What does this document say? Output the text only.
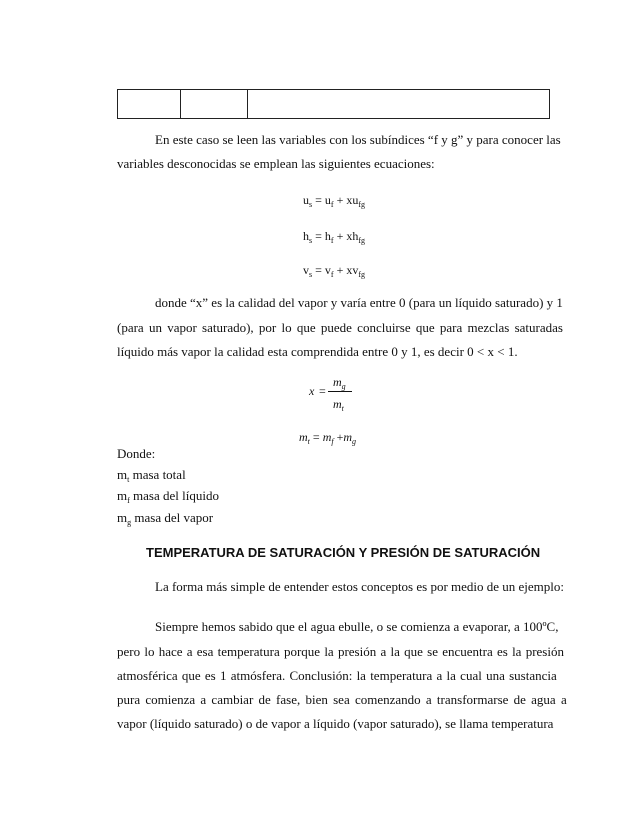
En este caso se leen las variables con los subíndices “f y g” y para conocer las
variables desconocidas se emplean las siguientes ecuaciones:
$u_s = u_f + xu_{fg}$
$h_s = h_f + xh_{fg}$
$v_s = v_f + xv_{fg}$
donde “x” es la calidad del vapor y varía entre 0 (para un líquido saturado) y 1
(para un vapor saturado), por lo que puede concluirse que para mezclas saturadas
líquido más vapor la calidad esta comprendida entre 0 y 1, es decir 0 < x < 1.
x =
$m_g$
$m_t$
$m_t = m_f +m_g$
Donde:
$m_t$ masa total
$m_f$ masa del líquido
$m_g$ masa del vapor
TEMPERATURA DE SATURACIÓN Y PRESIÓN DE SATURACIÓN
La forma más simple de entender estos conceptos es por medio de un ejemplo:
Siempre hemos sabido que el agua ebulle, o se comienza a evaporar, a 100ºC,
pero lo hace a esa temperatura porque la presión a la que se encuentra es la presión
atmosférica que es 1 atmósfera. Conclusión: la temperatura a la cual una sustancia
pura comienza a cambiar de fase, bien sea comenzando a transformarse de agua a
vapor (líquido saturado) o de vapor a líquido (vapor saturado), se llama temperatura
